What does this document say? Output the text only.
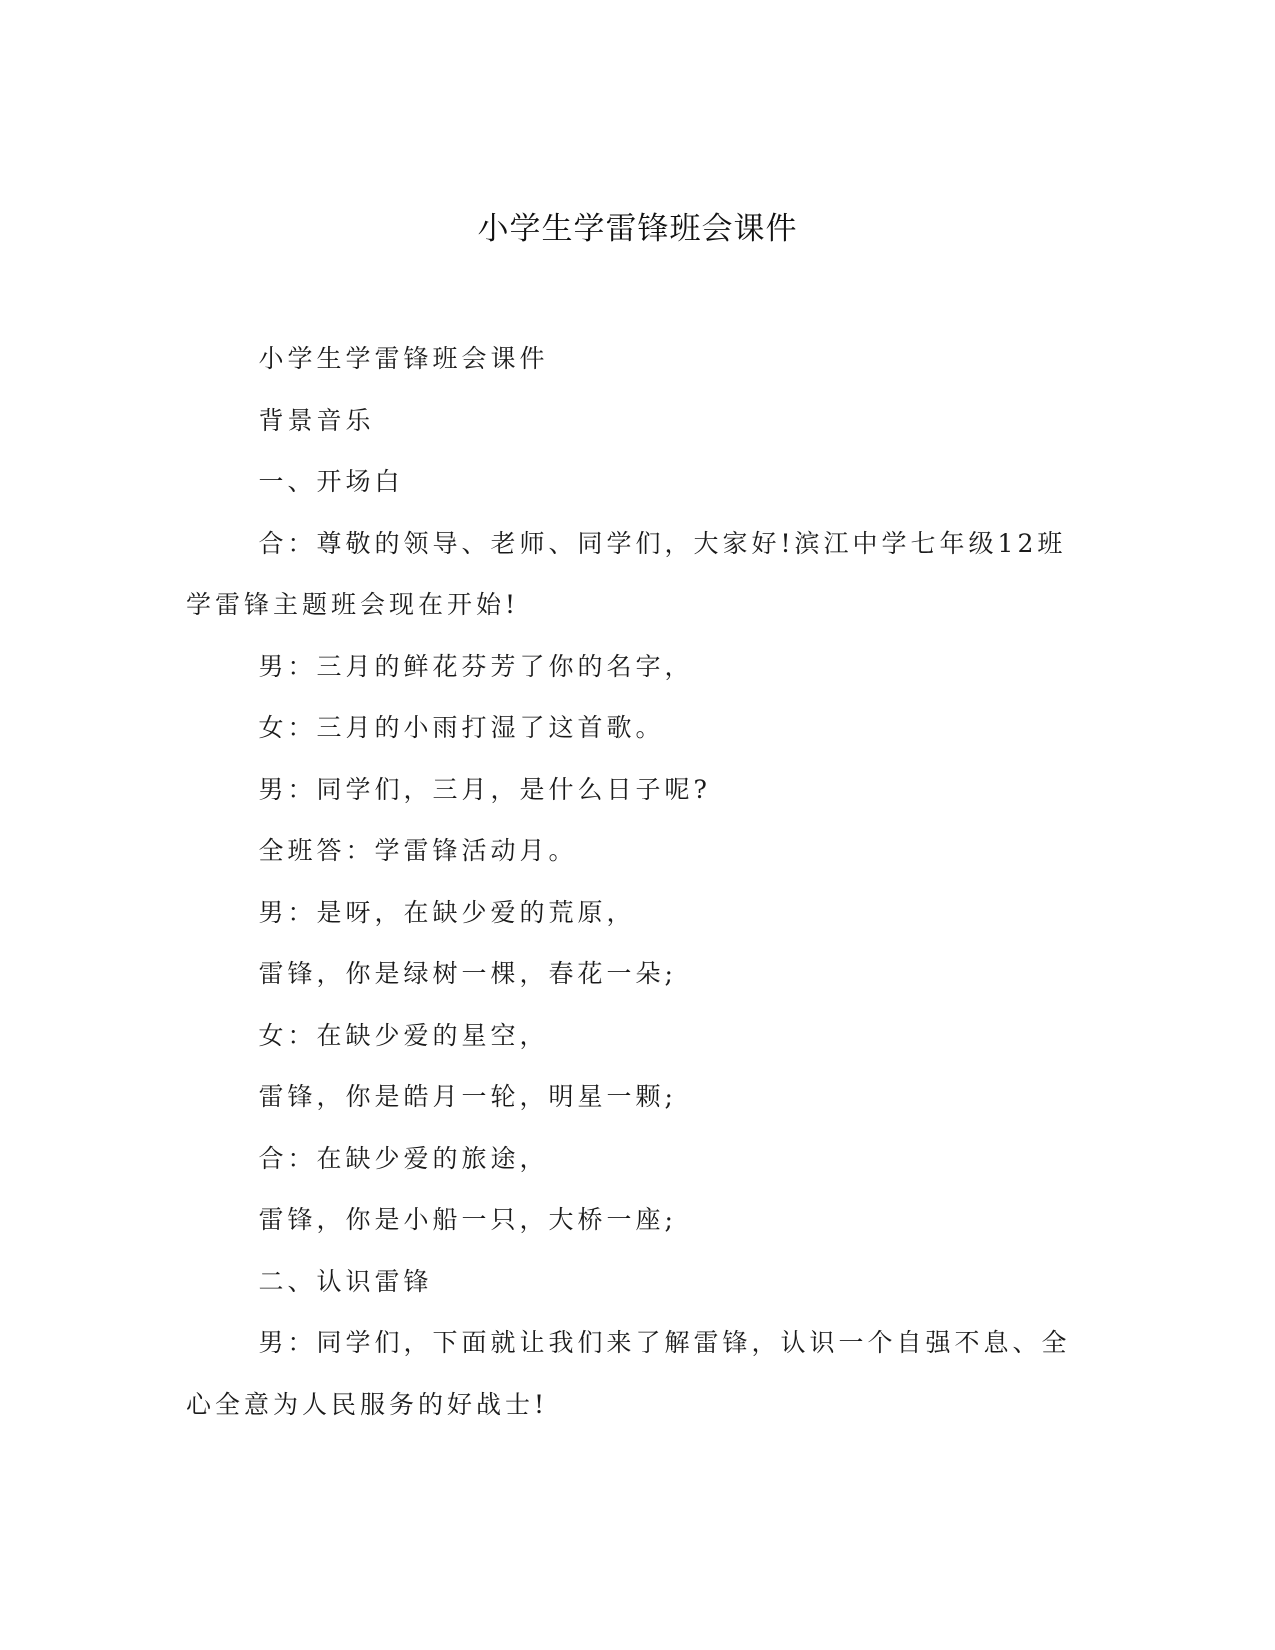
小学生学雷锋班会课件

小学生学雷锋班会课件

背景音乐

一、开场白

合：尊敬的领导、老师、同学们，大家好!滨江中学七年级12班学雷锋主题班会现在开始!

男：三月的鲜花芬芳了你的名字，

女：三月的小雨打湿了这首歌。

男：同学们，三月，是什么日子呢?

全班答：学雷锋活动月。

男：是呀，在缺少爱的荒原，

雷锋，你是绿树一棵，春花一朵;

女：在缺少爱的星空，

雷锋，你是皓月一轮，明星一颗;

合：在缺少爱的旅途，

雷锋，你是小船一只，大桥一座;

二、认识雷锋

男：同学们，下面就让我们来了解雷锋，认识一个自强不息、全心全意为人民服务的好战士!
